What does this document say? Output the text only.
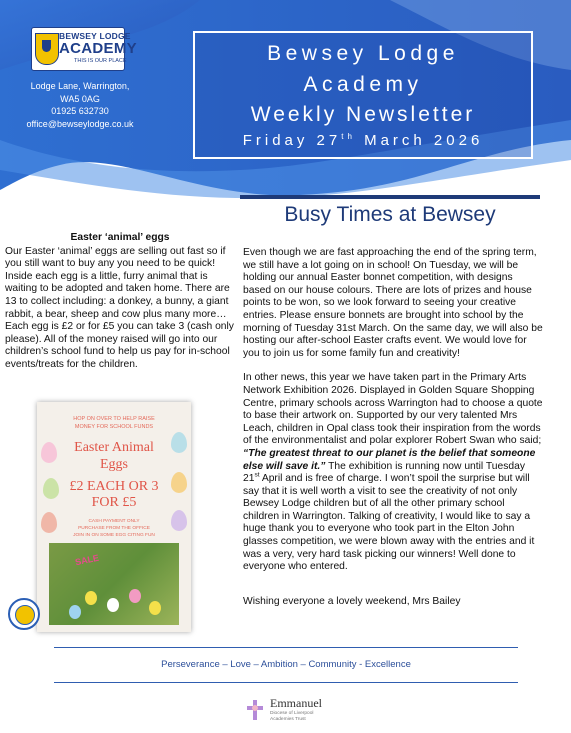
BEWSEY LODGE
ACADEMY
THIS IS OUR PLACE
Lodge Lane, Warrington,
WA5 0AG
01925 632730
office@bewseylodge.co.uk
Bewsey Lodge
Academy
Weekly Newsletter
Friday 27th March 2026
Busy Times at Bewsey
Easter ‘animal’ eggs

Our Easter ‘animal’ eggs are selling out fast so if you still want to buy any you need to be quick! Inside each egg is a little, furry animal that is waiting to be adopted and taken home. There are 13 to collect including: a donkey, a bunny, a giant rabbit, a bear, sheep and cow plus many more…

Each egg is £2 or for £5 you can take 3 (cash only please). All of the money raised will go into our children’s school fund to help us pay for in-school events/treats for the children.

HOP ON OVER TO HELP RAISE
MONEY FOR SCHOOL FUNDS
Easter Animal
Eggs
£2 EACH OR 3
FOR £5
CASH PAYMENT ONLY
PURCHASE FROM THE OFFICE
JOIN IN ON SOME EGG CITING FUN
SALE

Even though we are fast approaching the end of the spring term, we still have a lot going on in school! On Tuesday, we will be holding our annual Easter bonnet competition, with designs based on our house colours. There are lots of prizes and house points to be won, so we look forward to seeing your creative entries. Please ensure bonnets are brought into school by the morning of Tuesday 31st March. On the same day, we will also be hosting our after-school Easter crafts event. We would love for you to join us for some family fun and creativity!

In other news, this year we have taken part in the Primary Arts Network Exhibition 2026. Displayed in Golden Square Shopping Centre, primary schools across Warrington had to choose a quote to base their artwork on. Supported by our very talented Mrs Leach, children in Opal class took their inspiration from the words of the environmentalist and polar explorer Robert Swan who said; “The greatest threat to our planet is the belief that someone else will save it.” The exhibition is running now until Tuesday 21st April and is free of charge. I won’t spoil the surprise but will say that it is well worth a visit to see the creativity of not only Bewsey Lodge children but of all the other primary school children in Warrington. Talking of creativity, I would like to say a huge thank you to everyone who took part in the Elton John glasses competition, we were blown away with the entries and it was a very, very hard task picking our winners! Well done to everyone who entered.

Wishing everyone a lovely weekend, Mrs Bailey
Perseverance – Love – Ambition – Community - Excellence
Emmanuel
Diocese of Liverpool
Academies Trust
